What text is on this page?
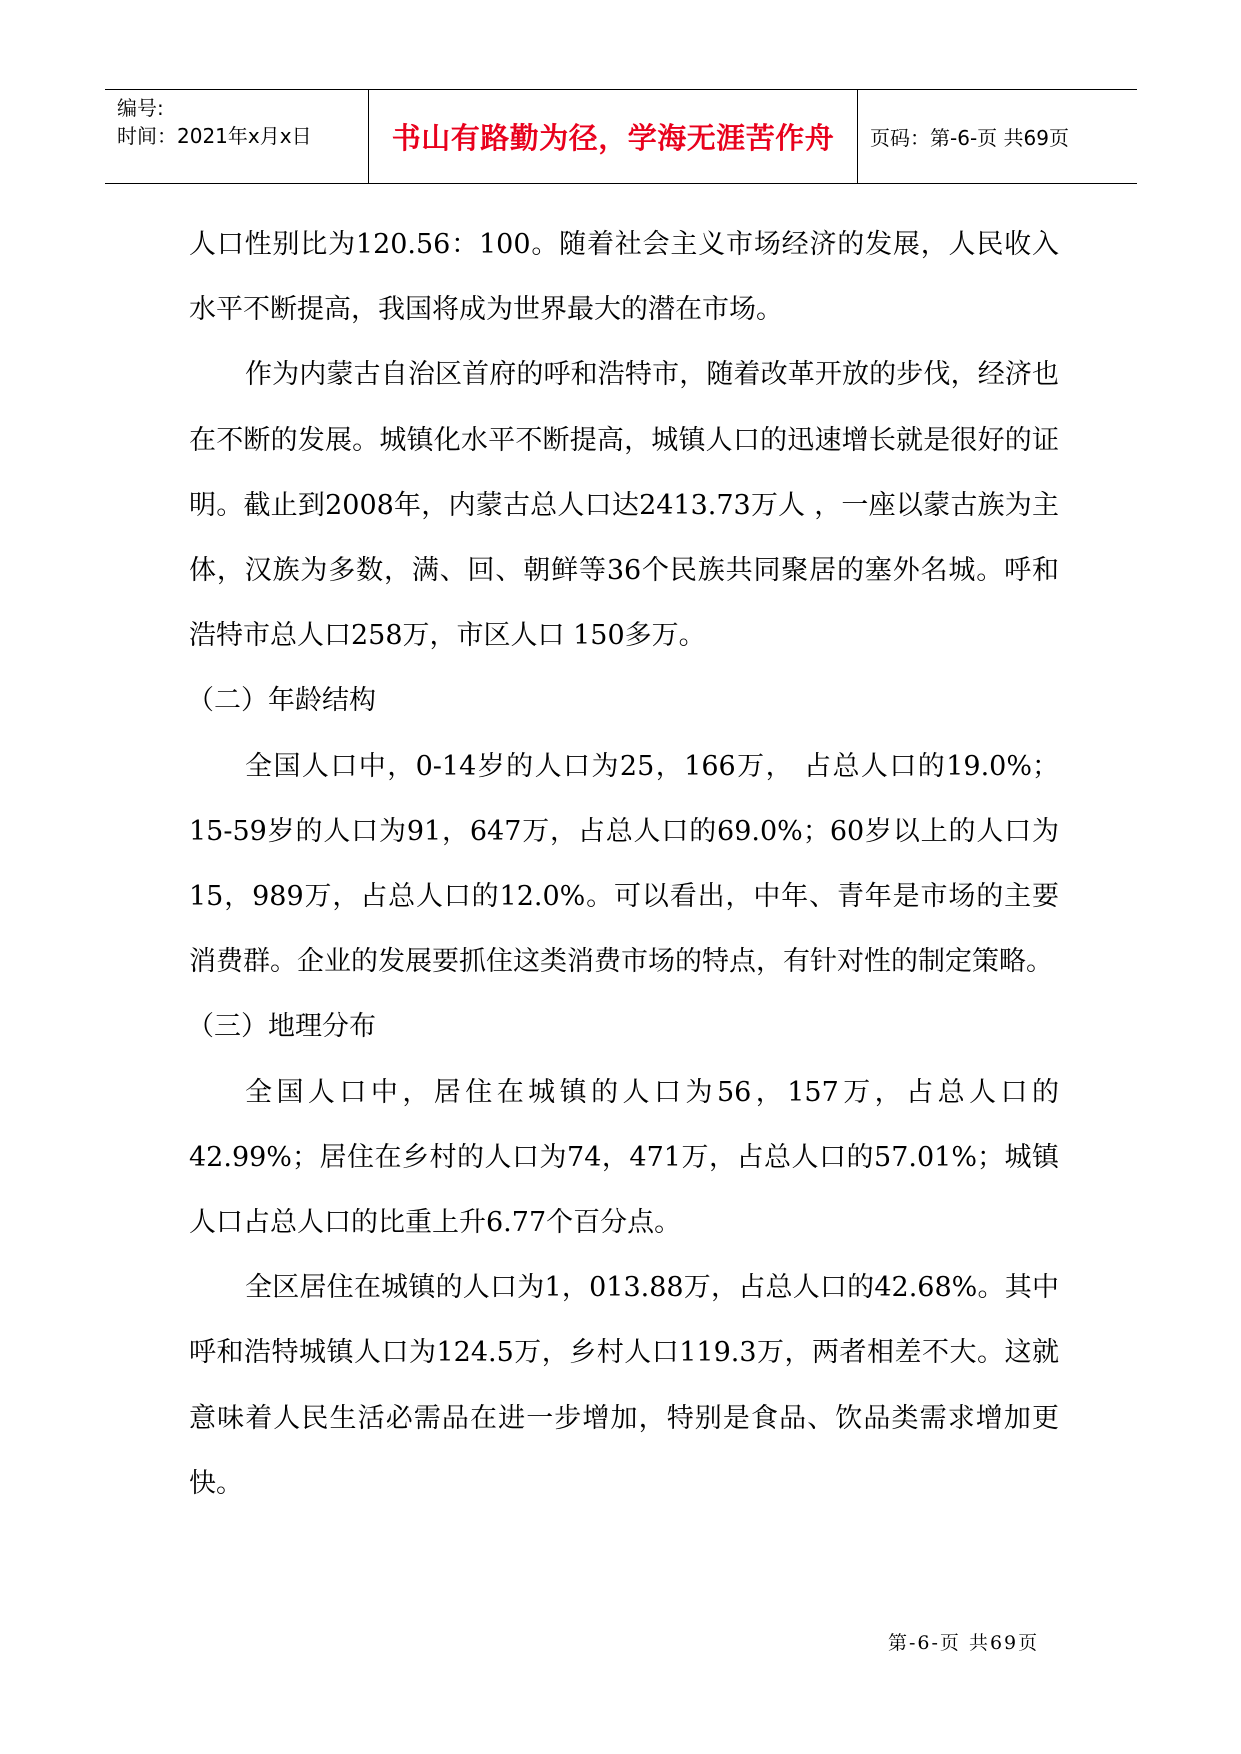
编号:
时间：2021年x月x日	书山有路勤为径，学海无涯苦作舟	页码：第-6-页 共69页

人口性别比为120.56：100。随着社会主义市场经济的发展，人民收入水平不断提高，我国将成为世界最大的潜在市场。

作为内蒙古自治区首府的呼和浩特市，随着改革开放的步伐，经济也在不断的发展。城镇化水平不断提高，城镇人口的迅速增长就是很好的证明。截止到2008年，内蒙古总人口达2413.73万人 ，一座以蒙古族为主体，汉族为多数，满、回、朝鲜等36个民族共同聚居的塞外名城。呼和浩特市总人口258万，市区人口 150多万。

（二）年龄结构

全国人口中，0-14岁的人口为25，166万， 占总人口的19.0%；15-59岁的人口为91，647万，占总人口的69.0%；60岁以上的人口为15，989万，占总人口的12.0%。可以看出，中年、青年是市场的主要消费群。企业的发展要抓住这类消费市场的特点，有针对性的制定策略。

（三）地理分布

全国人口中，居住在城镇的人口为56，157万，占总人口的42.99%；居住在乡村的人口为74，471万，占总人口的57.01%；城镇人口占总人口的比重上升6.77个百分点。

全区居住在城镇的人口为1，013.88万，占总人口的42.68%。其中呼和浩特城镇人口为124.5万，乡村人口119.3万，两者相差不大。这就意味着人民生活必需品在进一步增加，特别是食品、饮品类需求增加更快。

第-6-页 共69页
